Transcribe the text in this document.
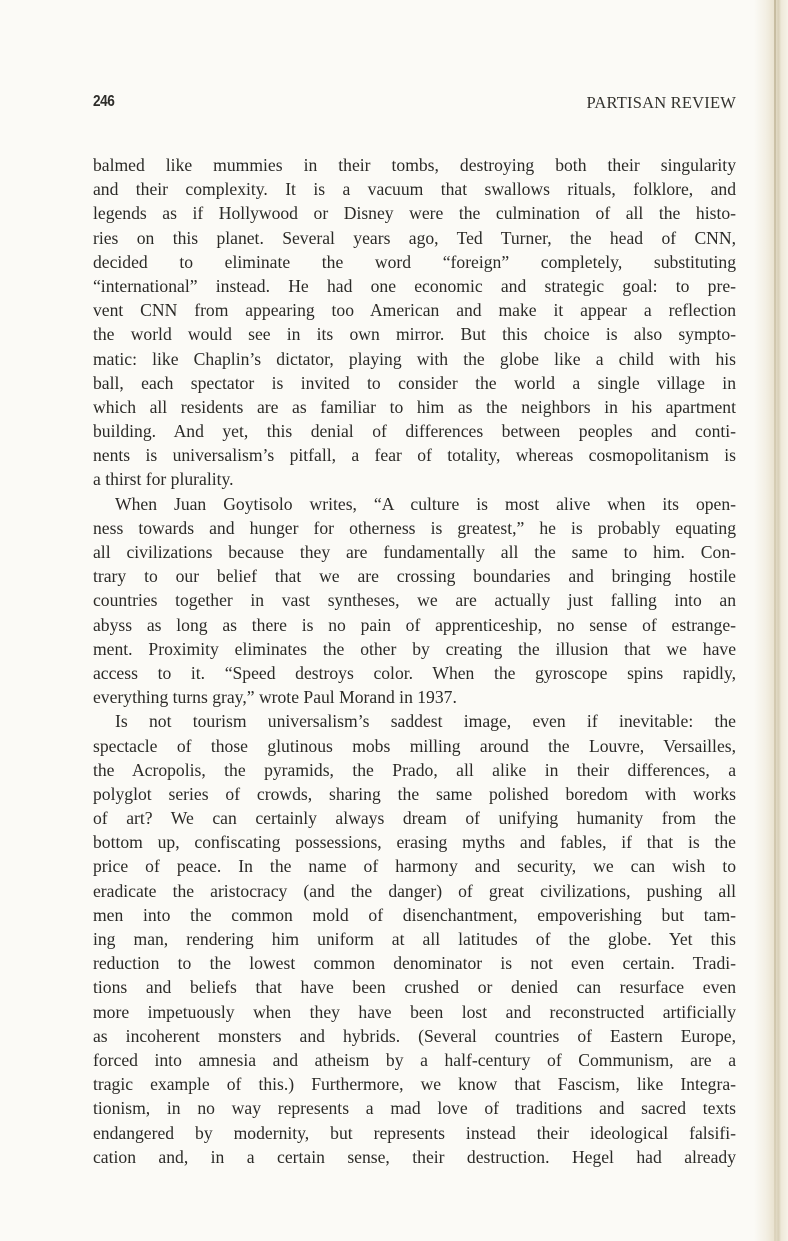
246	PARTISAN REVIEW
balmed like mummies in their tombs, destroying both their singularity
and their complexity. It is a vacuum that swallows rituals, folklore, and
legends as if Hollywood or Disney were the culmination of all the histo-
ries on this planet. Several years ago, Ted Turner, the head of CNN,
decided to eliminate the word “foreign” completely, substituting
“international” instead. He had one economic and strategic goal: to pre-
vent CNN from appearing too American and make it appear a reflection
the world would see in its own mirror. But this choice is also sympto-
matic: like Chaplin’s dictator, playing with the globe like a child with his
ball, each spectator is invited to consider the world a single village in
which all residents are as familiar to him as the neighbors in his apartment
building. And yet, this denial of differences between peoples and conti-
nents is universalism’s pitfall, a fear of totality, whereas cosmopolitanism is
a thirst for plurality.
When Juan Goytisolo writes, “A culture is most alive when its open-
ness towards and hunger for otherness is greatest,” he is probably equating
all civilizations because they are fundamentally all the same to him. Con-
trary to our belief that we are crossing boundaries and bringing hostile
countries together in vast syntheses, we are actually just falling into an
abyss as long as there is no pain of apprenticeship, no sense of estrange-
ment. Proximity eliminates the other by creating the illusion that we have
access to it. “Speed destroys color. When the gyroscope spins rapidly,
everything turns gray,” wrote Paul Morand in 1937.
Is not tourism universalism’s saddest image, even if inevitable: the
spectacle of those glutinous mobs milling around the Louvre, Versailles,
the Acropolis, the pyramids, the Prado, all alike in their differences, a
polyglot series of crowds, sharing the same polished boredom with works
of art? We can certainly always dream of unifying humanity from the
bottom up, confiscating possessions, erasing myths and fables, if that is the
price of peace. In the name of harmony and security, we can wish to
eradicate the aristocracy (and the danger) of great civilizations, pushing all
men into the common mold of disenchantment, empoverishing but tam-
ing man, rendering him uniform at all latitudes of the globe. Yet this
reduction to the lowest common denominator is not even certain. Tradi-
tions and beliefs that have been crushed or denied can resurface even
more impetuously when they have been lost and reconstructed artificially
as incoherent monsters and hybrids. (Several countries of Eastern Europe,
forced into amnesia and atheism by a half-century of Communism, are a
tragic example of this.) Furthermore, we know that Fascism, like Integra-
tionism, in no way represents a mad love of traditions and sacred texts
endangered by modernity, but represents instead their ideological falsifi-
cation and, in a certain sense, their destruction. Hegel had already
